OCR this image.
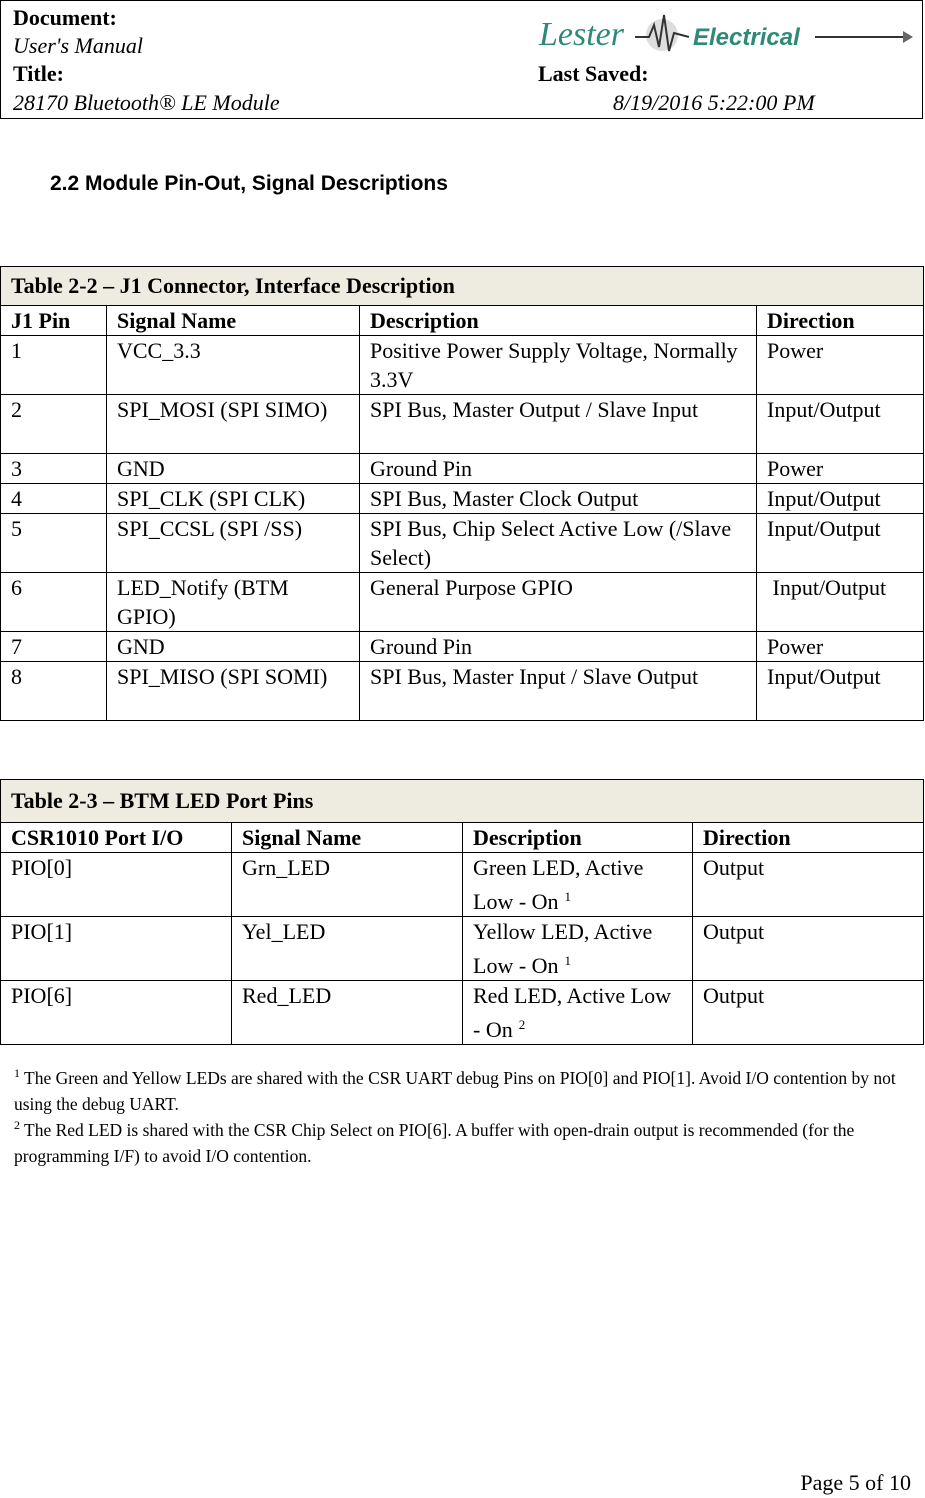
Document:
User's Manual
Title:
28170 Bluetooth® LE Module
Last Saved:
8/19/2016 5:22:00 PM
Lester	Electrical
2.2 Module Pin-Out, Signal Descriptions
Table 2-2 – J1 Connector, Interface Description			
J1 Pin	Signal Name	Description	Direction
1	VCC_3.3	Positive Power Supply Voltage, Normally 3.3V	Power
2	SPI_MOSI (SPI SIMO)	SPI Bus, Master Output / Slave Input	Input/Output
3	GND	Ground Pin	Power
4	SPI_CLK (SPI CLK)	SPI Bus, Master Clock Output	Input/Output
5	SPI_CCSL (SPI /SS)	SPI Bus, Chip Select Active Low (/Slave Select)	Input/Output
6	LED_Notify (BTM GPIO)	General Purpose GPIO	Input/Output
7	GND	Ground Pin	Power
8	SPI_MISO (SPI SOMI)	SPI Bus, Master Input / Slave Output	Input/Output
Table 2-3 – BTM LED Port Pins			
CSR1010 Port I/O	Signal Name	Description	Direction
PIO[0]	Grn_LED	Green LED, Active Low - On $^1$	Output
PIO[1]	Yel_LED	Yellow LED, Active Low - On $^1$	Output
PIO[6]	Red_LED	Red LED, Active Low - On $^2$	Output
$^1$ The Green and Yellow LEDs are shared with the CSR UART debug Pins on PIO[0] and PIO[1]. Avoid I/O contention by not using the debug UART.
$^2$ The Red LED is shared with the CSR Chip Select on PIO[6]. A buffer with open-drain output is recommended (for the programming I/F) to avoid I/O contention.
Page 5 of 10
